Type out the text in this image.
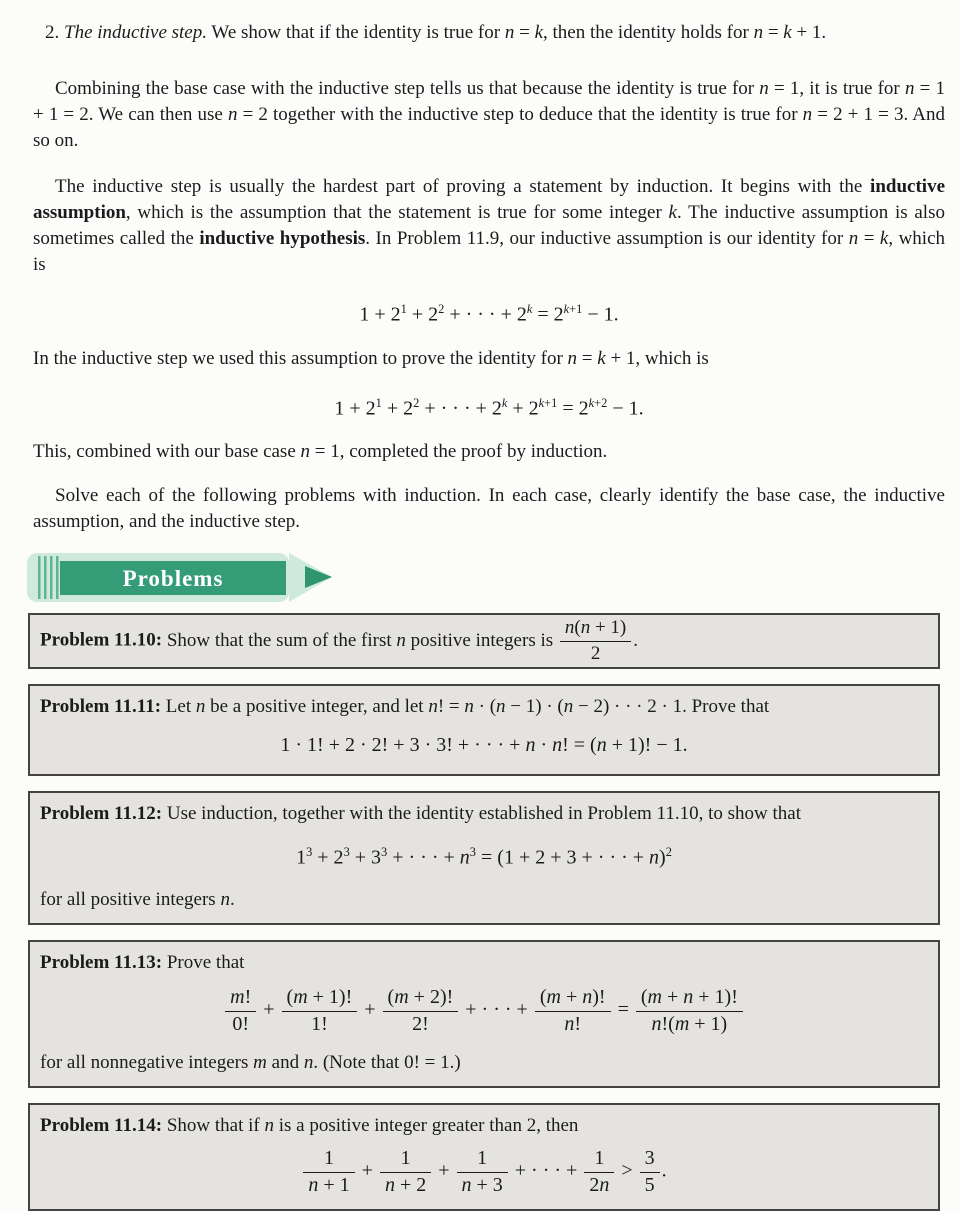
2. The inductive step. We show that if the identity is true for n = k, then the identity holds for n = k + 1.

Combining the base case with the inductive step tells us that because the identity is true for n = 1, it is true for n = 1 + 1 = 2. We can then use n = 2 together with the inductive step to deduce that the identity is true for n = 2 + 1 = 3. And so on.

The inductive step is usually the hardest part of proving a statement by induction. It begins with the inductive assumption, which is the assumption that the statement is true for some integer k. The inductive assumption is also sometimes called the inductive hypothesis. In Problem 11.9, our inductive assumption is our identity for n = k, which is

$1 + 2^1 + 2^2$ + · · · + $2^k = 2^{k+1} - 1$.

In the inductive step we used this assumption to prove the identity for n = k + 1, which is

$1 + 2^1 + 2^2$ + · · · + $2^k + 2^{k+1} = 2^{k+2} - 1$.

This, combined with our base case n = 1, completed the proof by induction.

Solve each of the following problems with induction. In each case, clearly identify the base case, the inductive assumption, and the inductive step.

Problems

Problem 11.10: Show that the sum of the first n positive integers is $\frac{n(n + 1)}{2}$ .

Problem 11.11: Let n be a positive integer, and let n! = n · (n − 1) · (n − 2) · · · 2 · 1. Prove that

1 · 1! + 2 · 2! + 3 · 3! + · · · + n · n! = (n + 1)! − 1.

Problem 11.12: Use induction, together with the identity established in Problem 11.10, to show that

$1^3 + 2^3 + 3^3$ + · · · + $n^3 = (1 + 2 + 3$ + · · · + n)$^2$

for all positive integers n.

Problem 11.13: Prove that

$\frac{m!}{0!} + \frac{(m + 1)!}{1!} + \frac{(m + 2)!}{2!}$ + · · · + $\frac{(m + n)!}{n!} = \frac{(m + n + 1)!}{n!(m + 1)}$

for all nonnegative integers m and n. (Note that 0! = 1.)

Problem 11.14: Show that if n is a positive integer greater than 2, then

$\frac{1}{n + 1} + \frac{1}{n + 2} + \frac{1}{n + 3}$ + · · · + $\frac{1}{2n} > \frac{3}{5}$ .
